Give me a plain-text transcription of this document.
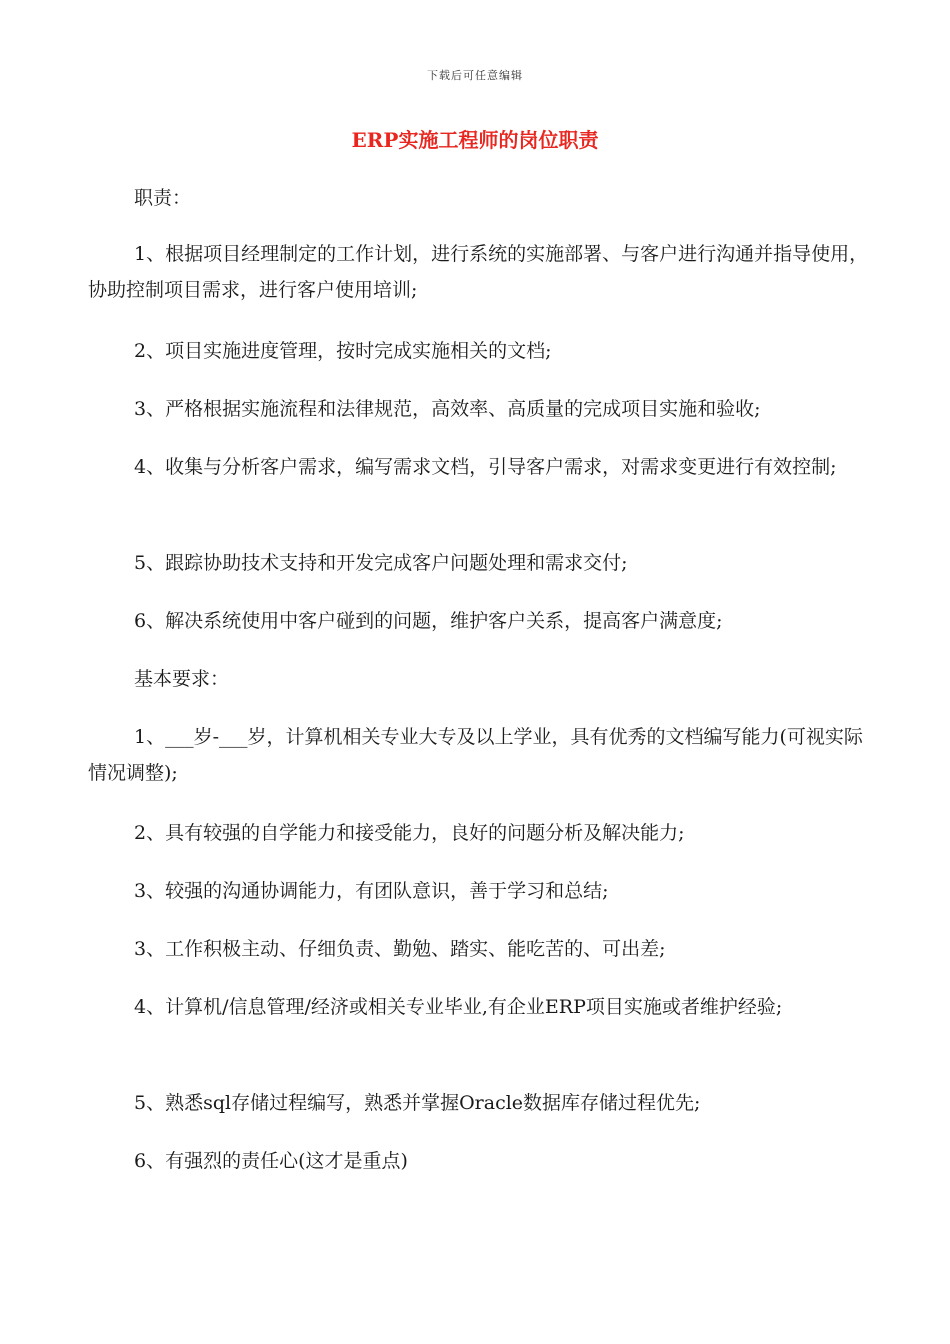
下载后可任意编辑
ERP实施工程师的岗位职责
职责：
1、根据项目经理制定的工作计划，进行系统的实施部署、与客户进行沟通并指导使用，协助控制项目需求，进行客户使用培训;
2、项目实施进度管理，按时完成实施相关的文档;
3、严格根据实施流程和法律规范，高效率、高质量的完成项目实施和验收;
4、收集与分析客户需求，编写需求文档，引导客户需求，对需求变更进行有效控制;
5、跟踪协助技术支持和开发完成客户问题处理和需求交付;
6、解决系统使用中客户碰到的问题，维护客户关系，提高客户满意度;
基本要求：
1、___岁-___岁，计算机相关专业大专及以上学业，具有优秀的文档编写能力(可视实际情况调整);
2、具有较强的自学能力和接受能力，良好的问题分析及解决能力;
3、较强的沟通协调能力，有团队意识，善于学习和总结;
3、工作积极主动、仔细负责、勤勉、踏实、能吃苦的、可出差;
4、计算机/信息管理/经济或相关专业毕业,有企业ERP项目实施或者维护经验;
5、熟悉sql存储过程编写，熟悉并掌握Oracle数据库存储过程优先;
6、有强烈的责任心(这才是重点)
